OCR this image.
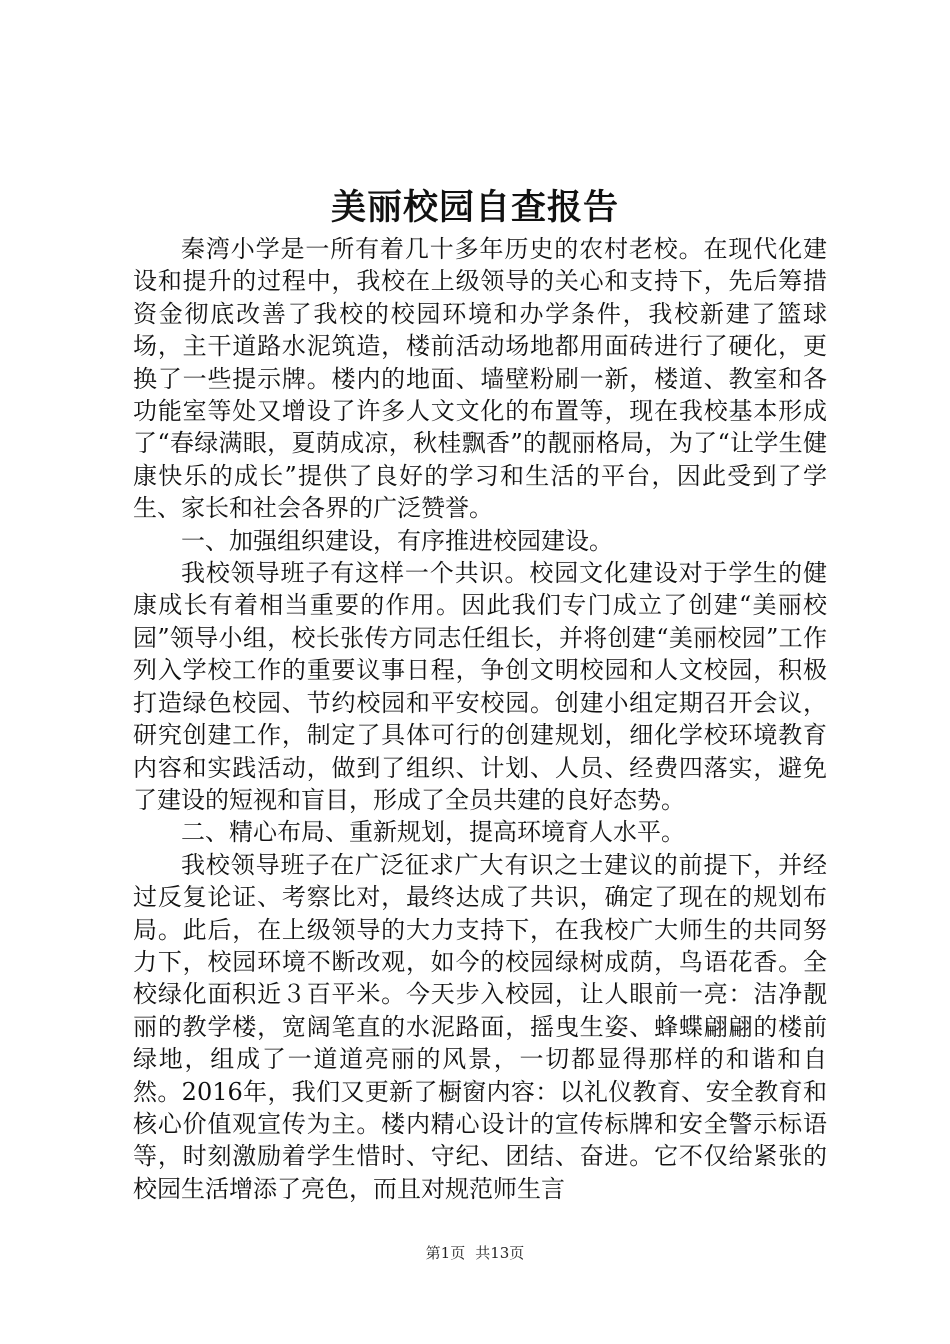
美丽校园自查报告

秦湾小学是一所有着几十多年历史的农村老校。在现代化建设和提升的过程中，我校在上级领导的关心和支持下，先后筹措资金彻底改善了我校的校园环境和办学条件，我校新建了篮球场，主干道路水泥筑造，楼前活动场地都用面砖进行了硬化，更换了一些提示牌。楼内的地面、墙壁粉刷一新，楼道、教室和各功能室等处又增设了许多人文文化的布置等，现在我校基本形成了“春绿满眼，夏荫成凉，秋桂飘香”的靓丽格局，为了“让学生健康快乐的成长”提供了良好的学习和生活的平台，因此受到了学生、家长和社会各界的广泛赞誉。

一、加强组织建设，有序推进校园建设。

我校领导班子有这样一个共识。校园文化建设对于学生的健康成长有着相当重要的作用。因此我们专门成立了创建“美丽校园”领导小组，校长张传方同志任组长，并将创建“美丽校园”工作列入学校工作的重要议事日程，争创文明校园和人文校园，积极打造绿色校园、节约校园和平安校园。创建小组定期召开会议，研究创建工作，制定了具体可行的创建规划，细化学校环境教育内容和实践活动，做到了组织、计划、人员、经费四落实，避免了建设的短视和盲目，形成了全员共建的良好态势。

二、精心布局、重新规划，提高环境育人水平。

我校领导班子在广泛征求广大有识之士建议的前提下，并经过反复论证、考察比对，最终达成了共识，确定了现在的规划布局。此后，在上级领导的大力支持下，在我校广大师生的共同努力下，校园环境不断改观，如今的校园绿树成荫，鸟语花香。全校绿化面积近３百平米。今天步入校园，让人眼前一亮：洁净靓丽的教学楼，宽阔笔直的水泥路面，摇曳生姿、蜂蝶翩翩的楼前绿地，组成了一道道亮丽的风景，一切都显得那样的和谐和自然。2016年，我们又更新了橱窗内容：以礼仪教育、安全教育和核心价值观宣传为主。楼内精心设计的宣传标牌和安全警示标语等，时刻激励着学生惜时、守纪、团结、奋进。它不仅给紧张的校园生活增添了亮色，而且对规范师生言

第1页 共13页
